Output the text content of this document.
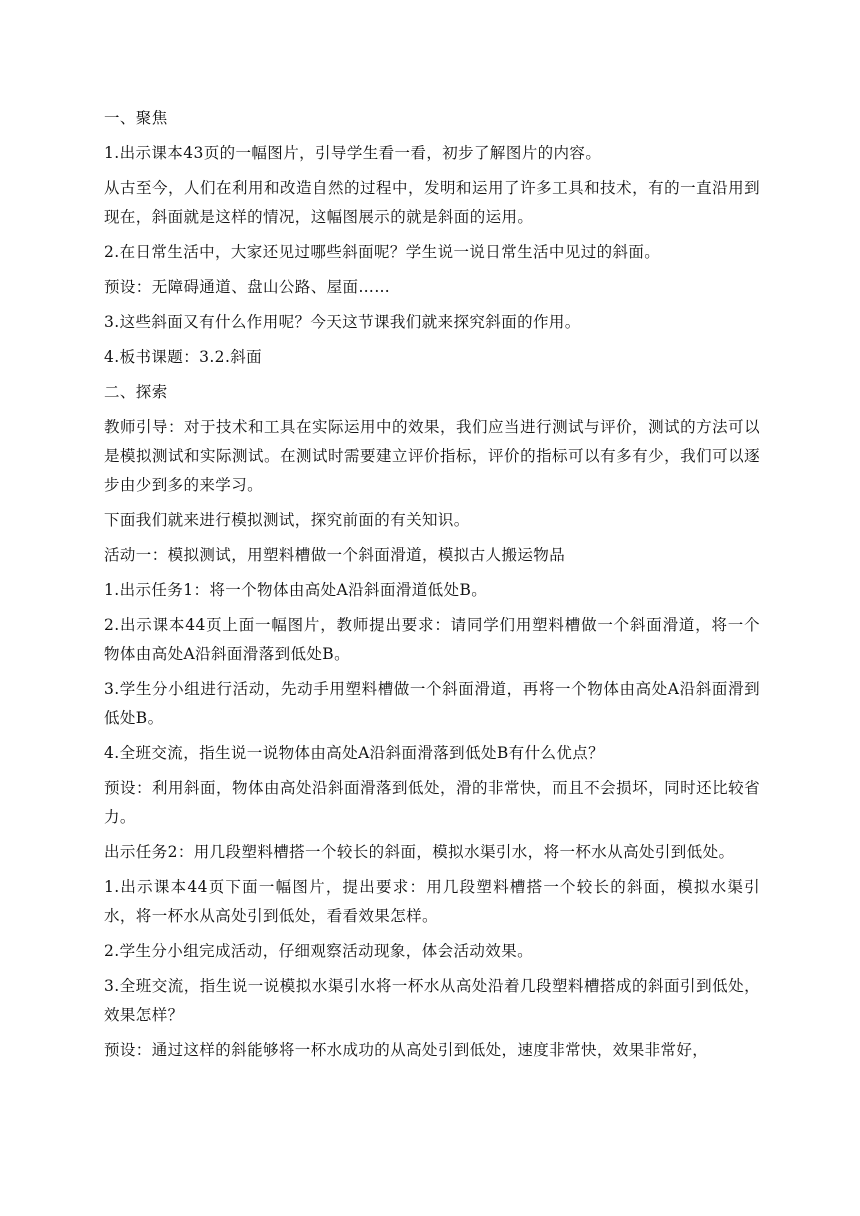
一、聚焦

1.出示课本43页的一幅图片，引导学生看一看，初步了解图片的内容。

从古至今，人们在利用和改造自然的过程中，发明和运用了许多工具和技术，有的一直沿用到现在，斜面就是这样的情况，这幅图展示的就是斜面的运用。

2.在日常生活中，大家还见过哪些斜面呢？学生说一说日常生活中见过的斜面。

预设：无障碍通道、盘山公路、屋面……

3.这些斜面又有什么作用呢？今天这节课我们就来探究斜面的作用。

4.板书课题：3.2.斜面

二、探索

教师引导：对于技术和工具在实际运用中的效果，我们应当进行测试与评价，测试的方法可以是模拟测试和实际测试。在测试时需要建立评价指标，评价的指标可以有多有少，我们可以逐步由少到多的来学习。

下面我们就来进行模拟测试，探究前面的有关知识。

活动一：模拟测试，用塑料槽做一个斜面滑道，模拟古人搬运物品

1.出示任务1：将一个物体由高处A沿斜面滑道低处B。

2.出示课本44页上面一幅图片，教师提出要求：请同学们用塑料槽做一个斜面滑道，将一个物体由高处A沿斜面滑落到低处B。

3.学生分小组进行活动，先动手用塑料槽做一个斜面滑道，再将一个物体由高处A沿斜面滑到低处B。

4.全班交流，指生说一说物体由高处A沿斜面滑落到低处B有什么优点？

预设：利用斜面，物体由高处沿斜面滑落到低处，滑的非常快，而且不会损坏，同时还比较省力。

出示任务2：用几段塑料槽搭一个较长的斜面，模拟水渠引水，将一杯水从高处引到低处。

1.出示课本44页下面一幅图片，提出要求：用几段塑料槽搭一个较长的斜面，模拟水渠引水，将一杯水从高处引到低处，看看效果怎样。

2.学生分小组完成活动，仔细观察活动现象，体会活动效果。

3.全班交流，指生说一说模拟水渠引水将一杯水从高处沿着几段塑料槽搭成的斜面引到低处，效果怎样？

预设：通过这样的斜能够将一杯水成功的从高处引到低处，速度非常快，效果非常好，
